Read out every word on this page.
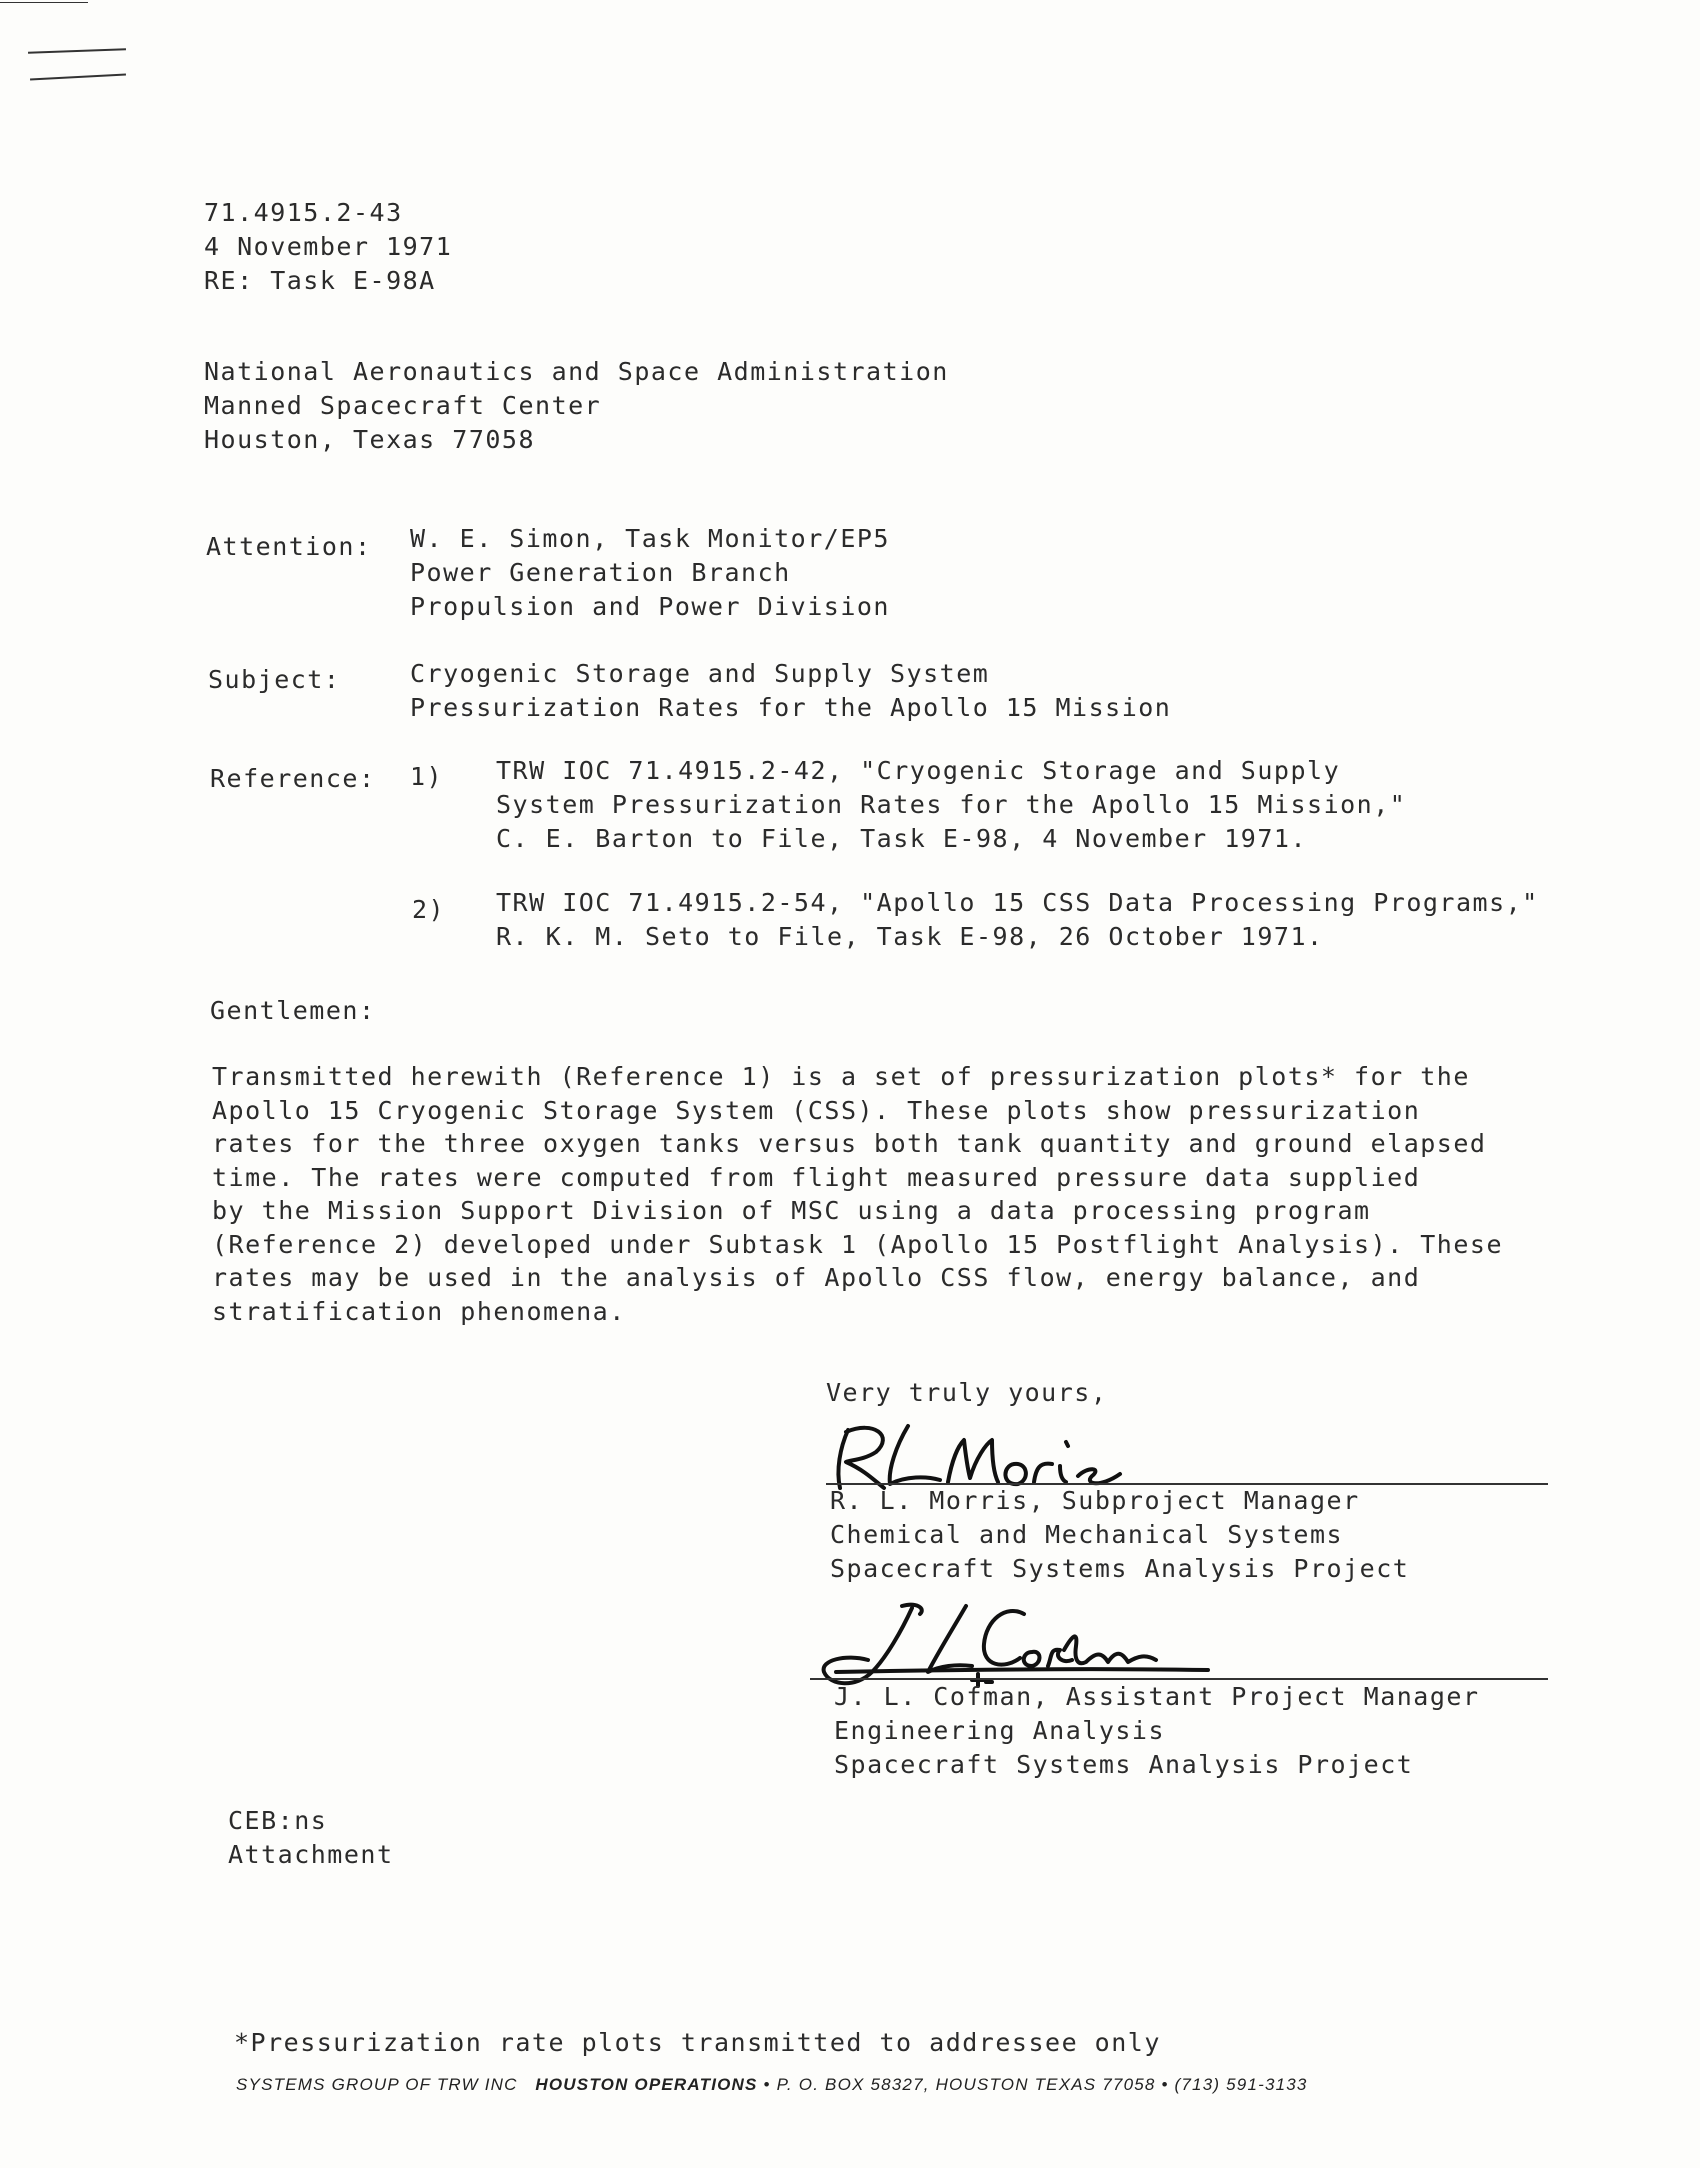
71.4915.2-43
4 November 1971
RE: Task E-98A
National Aeronautics and Space Administration
Manned Spacecraft Center
Houston, Texas 77058
Attention: W. E. Simon, Task Monitor/EP5
Power Generation Branch
Propulsion and Power Division
Subject:	Cryogenic Storage and Supply System
Pressurization Rates for the Apollo 15 Mission
Reference: 1) TRW IOC 71.4915.2-42, "Cryogenic Storage and Supply
System Pressurization Rates for the Apollo 15 Mission,"
C. E. Barton to File, Task E-98, 4 November 1971.
2) TRW IOC 71.4915.2-54, "Apollo 15 CSS Data Processing Programs,"
R. K. M. Seto to File, Task E-98, 26 October 1971.
Gentlemen:
Transmitted herewith (Reference 1) is a set of pressurization plots* for the
Apollo 15 Cryogenic Storage System (CSS). These plots show pressurization
rates for the three oxygen tanks versus both tank quantity and ground elapsed
time. The rates were computed from flight measured pressure data supplied
by the Mission Support Division of MSC using a data processing program
(Reference 2) developed under Subtask 1 (Apollo 15 Postflight Analysis). These
rates may be used in the analysis of Apollo CSS flow, energy balance, and
stratification phenomena.
Very truly yours,
R. L. Morris, Subproject Manager
Chemical and Mechanical Systems
Spacecraft Systems Analysis Project
J. L. Cofman, Assistant Project Manager
Engineering Analysis
Spacecraft Systems Analysis Project
CEB:ns
Attachment
*Pressurization rate plots transmitted to addressee only
SYSTEMS GROUP OF TRW INC HOUSTON OPERATIONS • P. O. BOX 58327, HOUSTON TEXAS 77058 • (713) 591-3133
